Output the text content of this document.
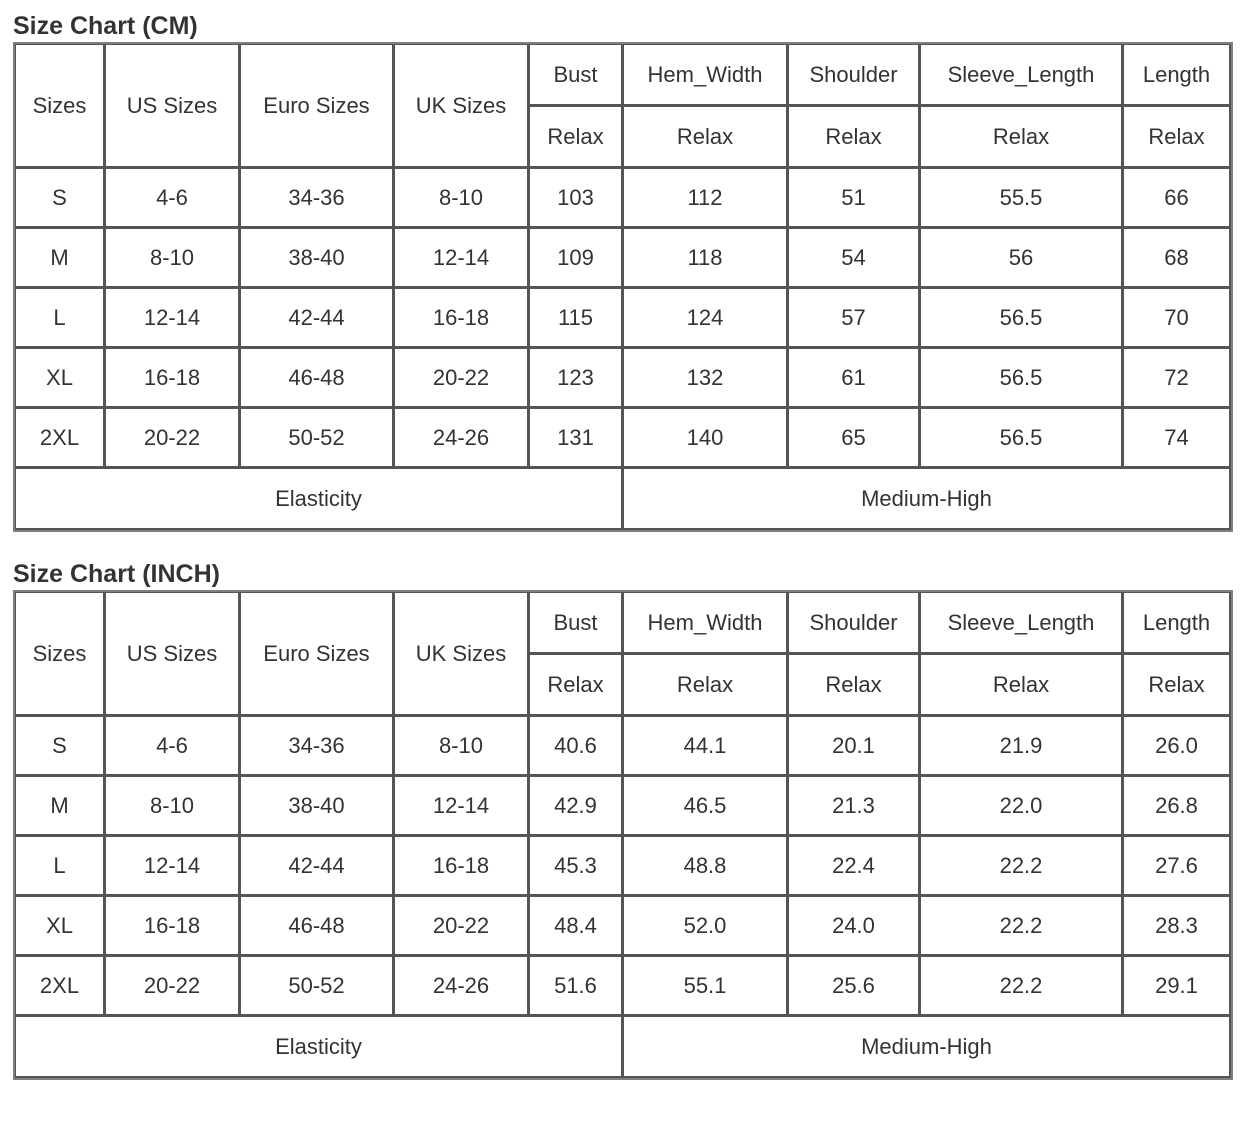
Size Chart (CM)
Sizes	US Sizes	Euro Sizes	UK Sizes	Bust	Hem_Width	Shoulder	Sleeve_Length	Length
				Relax	Relax	Relax	Relax	Relax
S	4-6	34-36	8-10	103	112	51	55.5	66
M	8-10	38-40	12-14	109	118	54	56	68
L	12-14	42-44	16-18	115	124	57	56.5	70
XL	16-18	46-48	20-22	123	132	61	56.5	72
2XL	20-22	50-52	24-26	131	140	65	56.5	74
Elasticity					Medium-High			
Size Chart (INCH)
Sizes	US Sizes	Euro Sizes	UK Sizes	Bust	Hem_Width	Shoulder	Sleeve_Length	Length
				Relax	Relax	Relax	Relax	Relax
S	4-6	34-36	8-10	40.6	44.1	20.1	21.9	26.0
M	8-10	38-40	12-14	42.9	46.5	21.3	22.0	26.8
L	12-14	42-44	16-18	45.3	48.8	22.4	22.2	27.6
XL	16-18	46-48	20-22	48.4	52.0	24.0	22.2	28.3
2XL	20-22	50-52	24-26	51.6	55.1	25.6	22.2	29.1
Elasticity					Medium-High			
